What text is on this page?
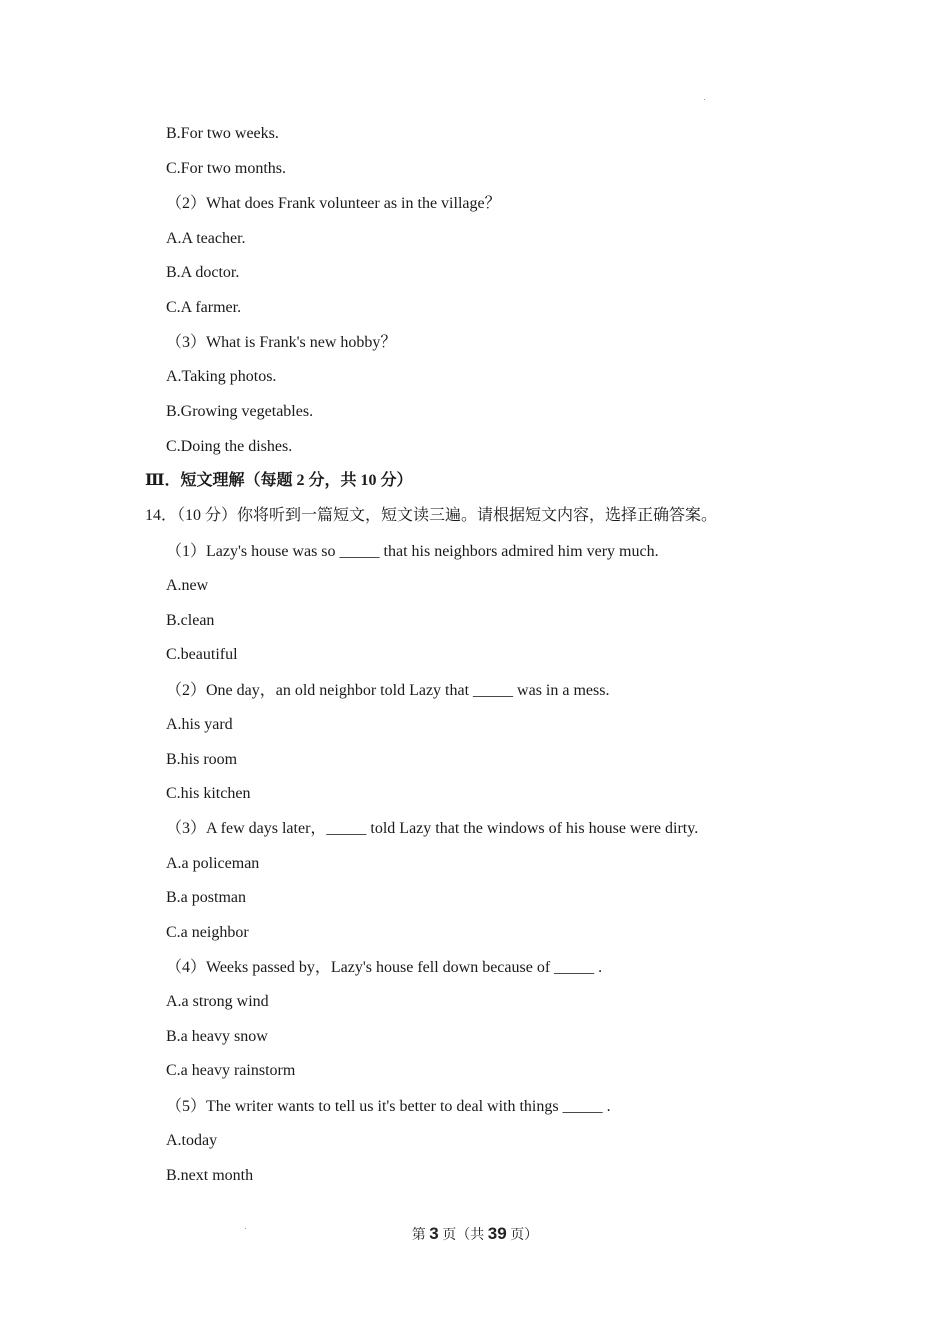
B.For two weeks.
C.For two months.
（2）What does Frank volunteer as in the village？
A.A teacher.
B.A doctor.
C.A farmer.
（3）What is Frank's new hobby？
A.Taking photos.
B.Growing vegetables.
C.Doing the dishes.
Ⅲ．短文理解（每题 2 分，共 10 分）
14．（10 分）你将听到一篇短文，短文读三遍。请根据短文内容，选择正确答案。
（1）Lazy's house was so _____ that his neighbors admired him very much.
A.new
B.clean
C.beautiful
（2）One day，an old neighbor told Lazy that _____ was in a mess.
A.his yard
B.his room
C.his kitchen
（3）A few days later，_____ told Lazy that the windows of his house were dirty.
A.a policeman
B.a postman
C.a neighbor
（4）Weeks passed by，Lazy's house fell down because of _____ .
A.a strong wind
B.a heavy snow
C.a heavy rainstorm
（5）The writer wants to tell us it's better to deal with things _____ .
A.today
B.next month
第 3 页（共 39 页）
